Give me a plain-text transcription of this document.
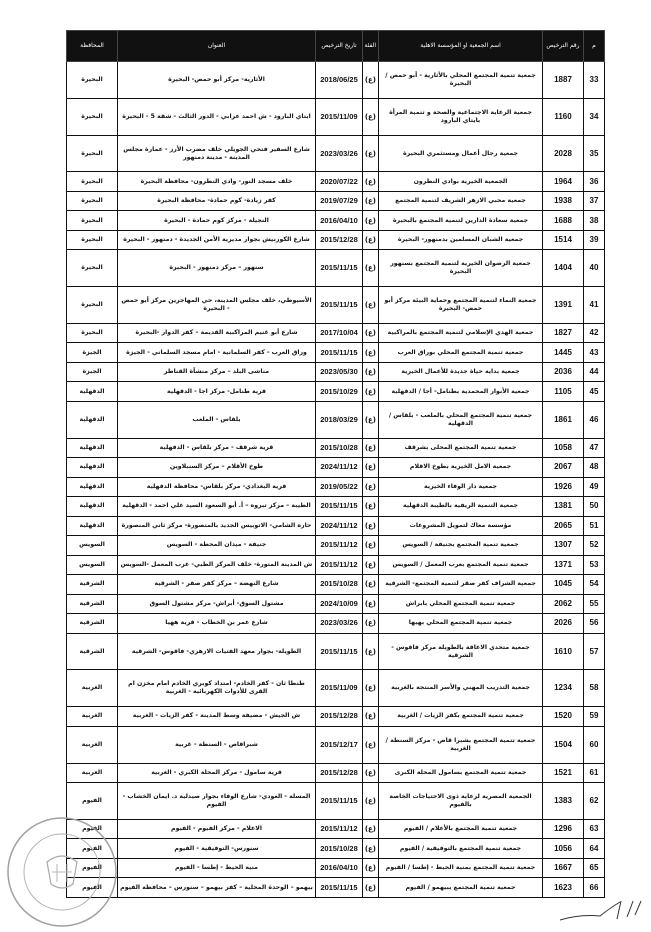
م	رقم الترخيص	اسم الجمعية او المؤسسة الاهلية	الفئة	تاريخ الترخيص	العنوان	المحافظة
33	1887	جمعية تنمية المجتمع المحلي بالأثارية - أبو حمص / البحيرة	(ع)	2018/06/25	الأثارية- مركز أبو حمص- البحيرة	البحيرة
34	1160	جمعية الرعاية الاجتماعية والصحة و تنمية المرأة بايتاي البارود	(ع)	2015/11/09	ايتاي البارود - ش احمد عرابي - الدور الثالث - شقة 5 - البحيرة	البحيرة
35	2028	جمعية رجال أعمال ومستثمري البحيرة	(ع)	2023/03/26	شارع السفير فتحي الجويلي خلف مضرب الأرز - عمارة مجلس المدينة - مدينة دمنهور	البحيرة
36	1964	الجمعية الخيرية بوادي النطرون	(ع)	2020/07/22	خلف مسجد النور- وادي النطرون- محافظة البحيرة	البحيرة
37	1938	جمعية محبي الازهر الشريف لتنمية المجتمع	(ع)	2019/07/29	كفر زيادة- كوم حمادة- محافظة البحيرة	البحيرة
38	1688	جمعية سعادة الدارين لتنمية المجتمع بالبحيرة	(ع)	2016/04/10	النجيلة - مركز كوم حمادة - البحيرة	البحيرة
39	1514	جمعية الشبان المسلمين بدمنهور- البحيرة	(ع)	2015/12/28	شارع الكورنيش بجوار مديرية الأمن الجديدة - دمنهور - البحيرة	البحيرة
40	1404	جمعية الرضوان الخيرية لتنمية المجتمع بسنهور البحيرة	(ع)	2015/11/15	سنهور – مركز دمنهور - البحيرة	البحيرة
41	1391	جمعية النماء لتنمية المجتمع وحماية البيئة مركز أبو حمص- البحيرة	(ع)	2015/11/15	الأسيوطي، خلف مجلس المدينة، حي المهاجرين مركز أبو حمص - البحيرة	البحيرة
42	1827	جمعية الهدي الإسلامي لتنمية المجتمع بالمراكبية	(ع)	2017/10/04	شارع أبو غنيم المراكبية القديمة – كفر الدوار -البحيرة	البحيرة
43	1445	جمعية تنمية المجتمع المحلي بوراق العرب	(ع)	2015/11/15	وراق العرب - كفر السلمانية - امام مسجد السلماني - الجيزة	الجيزة
44	2036	جمعية بداية حياة جديدة للأعمال الخيرية	(ع)	2023/05/30	مناشى البلد – مركز منشأة القناطر	الجيزة
45	1105	جمعية الأنوار المحمدية بطنامل- أجا / الدقهلية	(ع)	2015/10/29	قرية طنامل- مركز اجا - الدقهلية	الدقهلية
46	1861	جمعية تنمية المجتمع المحلي بالملعب - بلقاس / الدقهلية	(ع)	2018/03/29	بلقاس - الملعب	الدقهلية
47	1058	جمعية تنمية المجتمع المحلى بشرقف	(ع)	2015/10/28	قرية شرقف - مركز بلقاس - الدقهلية	الدقهلية
48	2067	جمعية الامل الخيرية بطوخ الاقلام	(ع)	2024/11/12	طوخ الأقلام – مركز السنبلاوين	الدقهلية
49	1926	جمعية دار الوفاء الخيرية	(ع)	2019/05/22	قرية البغدادي- مركز بلقاس- محافظة الدقهلية	الدقهلية
50	1381	جمعية التنمية الريفية بالطيبة الدقهلية	(ع)	2015/11/15	الطيبة – مركز تبروه – أ. أبو السعود السيد علي احمد - الدقهلية	الدقهلية
51	2065	مؤسسة معاك لتمويل المشروعات	(ع)	2024/11/12	حاره الشامي- الاتوبيس الجديد بالمنصورة- مركز ثاني المنصورة	الدقهلية
52	1307	جمعية تنمية المجتمع بجنيفة / السويس	(ع)	2015/11/12	جنيفة - ميدان المحطة - السويس	السويس
53	1371	جمعية تنمية المجتمع بعرب المعمل / السويس	(ع)	2015/11/12	ش المدينة المنورة- خلف المركز الطبي- عرب المعمل -السويس	السويس
54	1045	جمعية الشراف كفر صقر لتنمية المجتمع- الشرقية	(ع)	2015/10/28	شارع النهضة – مركز كفر صقر - الشرقية	الشرقية
55	2062	جمعية تنمية المجتمع المحلي بابراش	(ع)	2024/10/09	مشتول السوق- أبراش- مركز مشتول السوق	الشرقية
56	2026	جمعية تنمية المجتمع المحلي بهيها	(ع)	2023/03/26	شارع عمر بن الخطاب - قرية ههيا	الشرقية
57	1610	جمعية متحدي الاعاقة بالطويلة مركز فاقوس - الشرقية	(ع)	2015/11/15	الطويلة- بجوار معهد الفتيات الازهري- فاقوس- الشرقية	الشرقية
58	1234	جمعية التدريب المهني والأسر المنتجة بالغربية	(ع)	2015/11/09	طنطا ثان - كفر الخادم- امتداد كوبري الخادم امام مخزن ام القرى للأدوات الكهربائية - الغربية	الغربية
59	1520	جمعية تنمية المجتمع بكفر الزيات / الغربية	(ع)	2015/12/28	ش الجيش - مضيفة وسط المدينة - كفر الزيات - الغربية	الغربية
60	1504	جمعية تنمية المجتمع بشبرا قاص - مركز السنطة / الغربية	(ع)	2015/12/17	شبراقاص - السنطة - غربية	الغربية
61	1521	جمعية تنمية المجتمع بسامول المحلة الكبرى	(ع)	2015/12/28	قرية سامول - مركز المحلة الكبري - الغربية	الغربية
62	1383	الجمعية المصرية لرعاية ذوى الاحتياجات الخاصة بالفيوم	(ع)	2015/11/15	المسلة - العودي- شارع الوفاء بجوار صيدلية د. ايمان الخشاب - الفيوم	الفيوم
63	1296	جمعية تنمية المجتمع بالأعلام / الفيوم	(ع)	2015/11/12	الاعلام - مركز الفيوم - الفيوم	الفيوم
64	1056	جمعية تنمية المجتمع بالتوفيقية / الفيوم	(ع)	2015/10/28	سنورس- التوفيقية - الفيوم	الفيوم
65	1667	جمعية تنمية المجتمع بمنية الحيط - إطسا / الفيوم	(ع)	2016/04/10	منية الحيط - إطسا - الفيوم	الفيوم
66	1623	جمعية تنمية المجتمع ببيهمو / الفيوم	(ع)	2015/11/15	بيهمو – الوحدة المحلية – كفر بيهمو – سنورس – محافظة الفيوم	الفيوم
